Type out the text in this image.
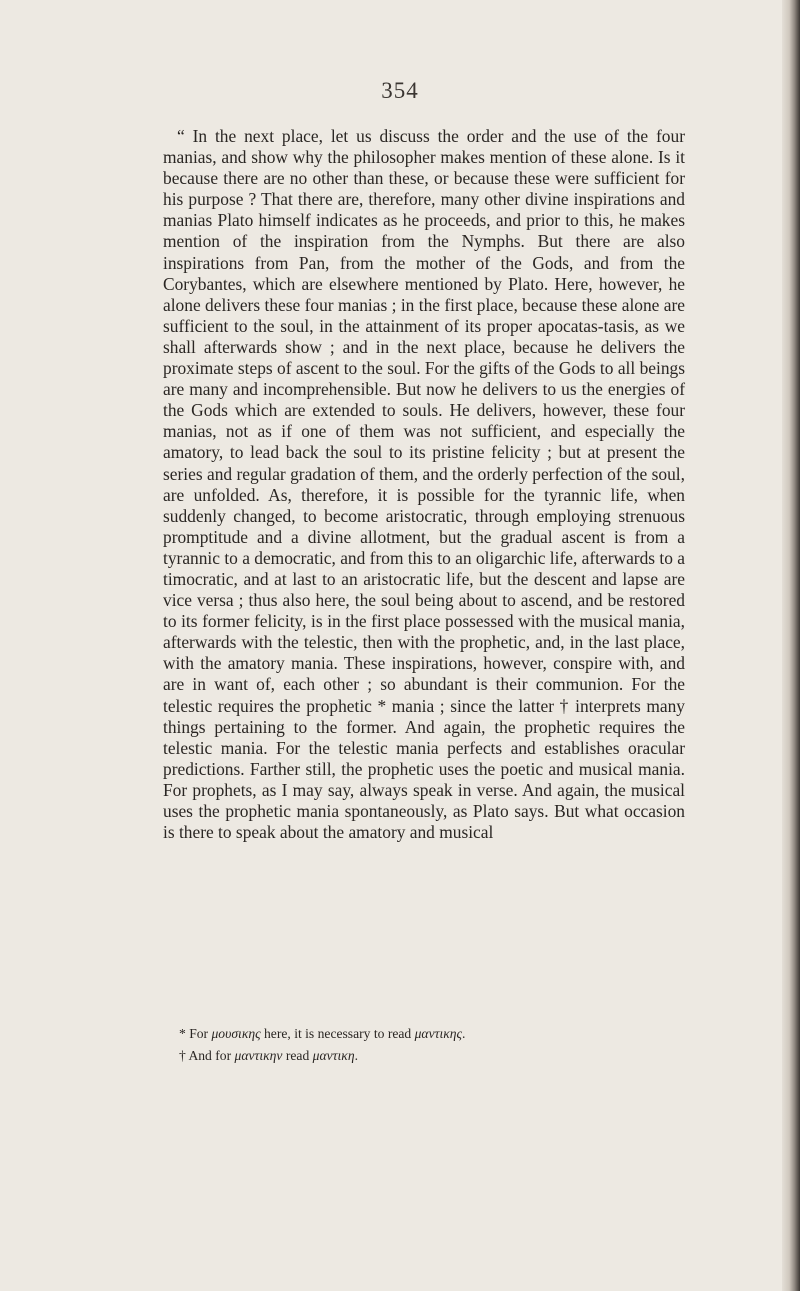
354

“ In the next place, let us discuss the order and the use of the four manias, and show why the philosopher makes mention of these alone. Is it because there are no other than these, or because these were sufficient for his purpose ? That there are, therefore, many other divine inspirations and manias Plato himself indicates as he proceeds, and prior to this, he makes mention of the inspiration from the Nymphs. But there are also inspirations from Pan, from the mother of the Gods, and from the Corybantes, which are elsewhere mentioned by Plato. Here, however, he alone delivers these four manias ; in the first place, because these alone are sufficient to the soul, in the attainment of its proper apocatas-tasis, as we shall afterwards show ; and in the next place, because he delivers the proximate steps of ascent to the soul. For the gifts of the Gods to all beings are many and incomprehensible. But now he delivers to us the energies of the Gods which are extended to souls. He delivers, however, these four manias, not as if one of them was not sufficient, and especially the amatory, to lead back the soul to its pristine felicity ; but at present the series and regular gradation of them, and the orderly perfection of the soul, are unfolded. As, therefore, it is possible for the tyrannic life, when suddenly changed, to become aristocratic, through employing strenuous promptitude and a divine allotment, but the gradual ascent is from a tyrannic to a democratic, and from this to an oligarchic life, afterwards to a timocratic, and at last to an aristocratic life, but the descent and lapse are vice versa ; thus also here, the soul being about to ascend, and be restored to its former felicity, is in the first place possessed with the musical mania, afterwards with the telestic, then with the prophetic, and, in the last place, with the amatory mania. These inspirations, however, conspire with, and are in want of, each other ; so abundant is their communion. For the telestic requires the prophetic * mania ; since the latter † interprets many things pertaining to the former. And again, the prophetic requires the telestic mania. For the telestic mania perfects and establishes oracular predictions. Farther still, the prophetic uses the poetic and musical mania. For prophets, as I may say, always speak in verse. And again, the musical uses the prophetic mania spontaneously, as Plato says. But what occasion is there to speak about the amatory and musical

* For μουσικης here, it is necessary to read μαντικης.

† And for μαντικην read μαντικη.
